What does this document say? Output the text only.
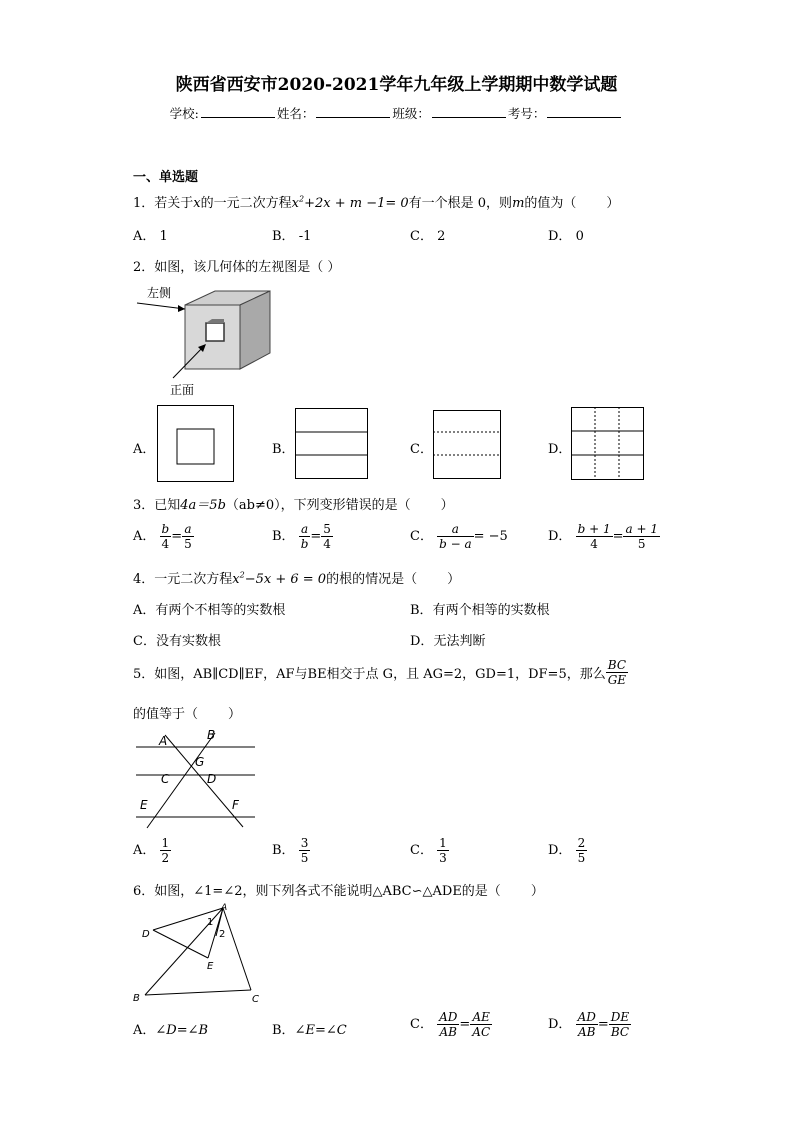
陕西省西安市2020-2021学年九年级上学期期中数学试题
学校:	姓名：	班级：	考号：
一、单选题
1．若关于x的一元二次方程$x^2+2x + m -1= 0$有一个根是 0，则m的值为（ ）
A． 1	B． -1	C． 2	D． 0
2．如图，该几何体的左视图是（ ）
左侧
正面
A．	B．	C．	D．
3．已知4a＝5b（ab≠0），下列变形错误的是（ ）
A． $\frac{b}{4} = \frac{a}{5}$	B． $\frac{a}{b} = \frac{5}{4}$	C． $\frac{a}{b - a} = -5$	D． $\frac{b + 1}{4} = \frac{a + 1}{5}$
4．一元二次方程$x^2-5x + 6 = 0$的根的情况是（ ）
A．有两个不相等的实数根	B．有两个相等的实数根
C．没有实数根	D．无法判断
5．如图，AB∥CD∥EF，AF与BE相交于点 G，且 AG=2，GD=1，DF=5，那么 $\frac{BC}{GE}$
的值等于（ ）
A	B
G
C	D
E	F
A． $\frac{1}{2}$	B． $\frac{3}{5}$	C． $\frac{1}{3}$	D． $\frac{2}{5}$
6．如图，∠1=∠2，则下列各式不能说明△ABC∽△ADE的是（ ）
A
D
E
B	C
1
2
A．∠D=∠B	B．∠E=∠C	C． $\frac{AD}{AB} = \frac{AE}{AC}$	D． $\frac{AD}{AB} = \frac{DE}{BC}$
